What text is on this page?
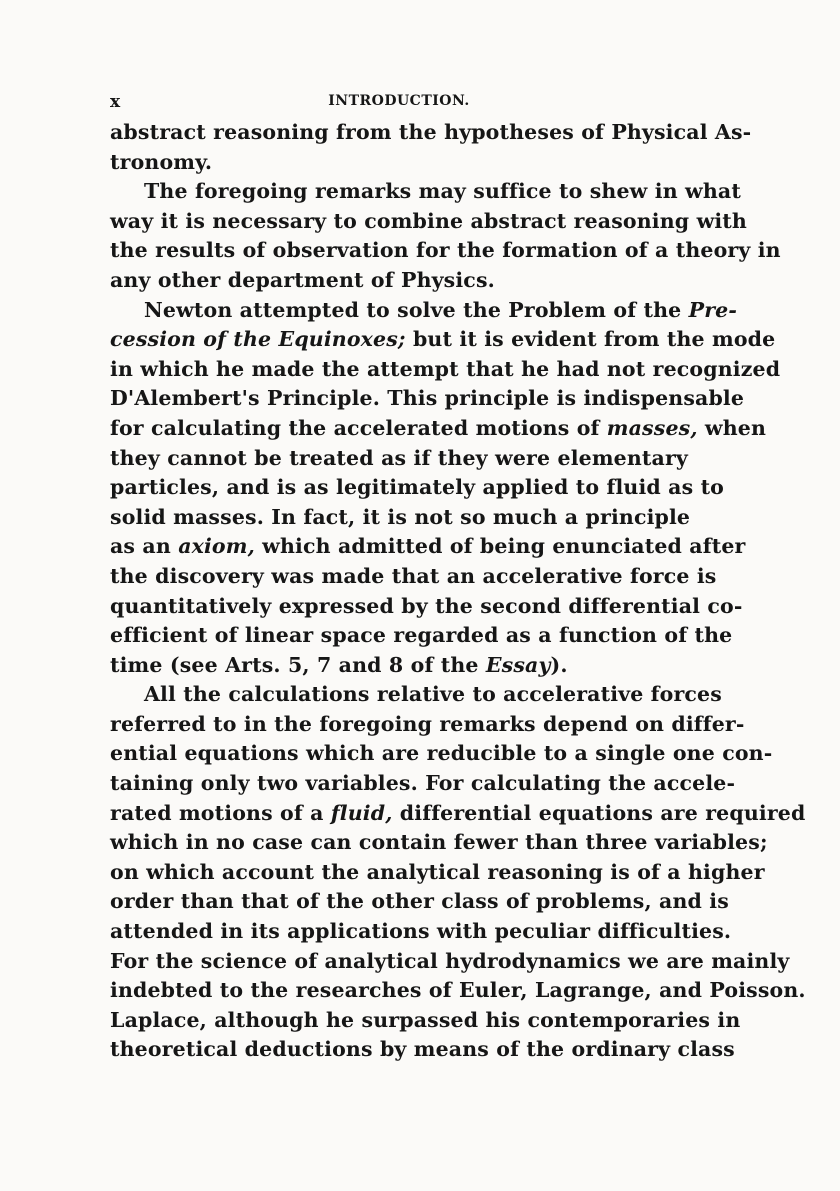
x	INTRODUCTION.
abstract reasoning from the hypotheses of Physical As-
tronomy.
The foregoing remarks may suffice to shew in what
way it is necessary to combine abstract reasoning with
the results of observation for the formation of a theory in
any other department of Physics.
Newton attempted to solve the Problem of the Pre-
cession of the Equinoxes; but it is evident from the mode
in which he made the attempt that he had not recognized
D'Alembert's Principle. This principle is indispensable
for calculating the accelerated motions of masses, when
they cannot be treated as if they were elementary
particles, and is as legitimately applied to fluid as to
solid masses. In fact, it is not so much a principle
as an axiom, which admitted of being enunciated after
the discovery was made that an accelerative force is
quantitatively expressed by the second differential co-
efficient of linear space regarded as a function of the
time (see Arts. 5, 7 and 8 of the Essay).
All the calculations relative to accelerative forces
referred to in the foregoing remarks depend on differ-
ential equations which are reducible to a single one con-
taining only two variables. For calculating the accele-
rated motions of a fluid, differential equations are required
which in no case can contain fewer than three variables;
on which account the analytical reasoning is of a higher
order than that of the other class of problems, and is
attended in its applications with peculiar difficulties.
For the science of analytical hydrodynamics we are mainly
indebted to the researches of Euler, Lagrange, and Poisson.
Laplace, although he surpassed his contemporaries in
theoretical deductions by means of the ordinary class
